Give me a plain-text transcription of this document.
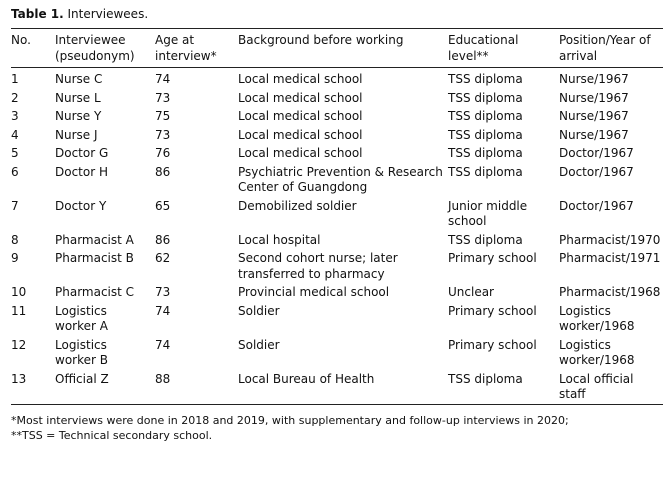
Table 1. Interviewees.
No.	Interviewee (pseudonym)	Age at interview*	Background before working	Educational level**	Position/Year of arrival
1	Nurse C	74	Local medical school	TSS diploma	Nurse/1967
2	Nurse L	73	Local medical school	TSS diploma	Nurse/1967
3	Nurse Y	75	Local medical school	TSS diploma	Nurse/1967
4	Nurse J	73	Local medical school	TSS diploma	Nurse/1967
5	Doctor G	76	Local medical school	TSS diploma	Doctor/1967
6	Doctor H	86	Psychiatric Prevention & Research Center of Guangdong	TSS diploma	Doctor/1967
7	Doctor Y	65	Demobilized soldier	Junior middle school	Doctor/1967
8	Pharmacist A	86	Local hospital	TSS diploma	Pharmacist/1970
9	Pharmacist B	62	Second cohort nurse; later transferred to pharmacy	Primary school	Pharmacist/1971
10	Pharmacist C	73	Provincial medical school	Unclear	Pharmacist/1968
11	Logistics worker A	74	Soldier	Primary school	Logistics worker/1968
12	Logistics worker B	74	Soldier	Primary school	Logistics worker/1968
13	Official Z	88	Local Bureau of Health	TSS diploma	Local official staff
*Most interviews were done in 2018 and 2019, with supplementary and follow-up interviews in 2020;
**TSS = Technical secondary school.
